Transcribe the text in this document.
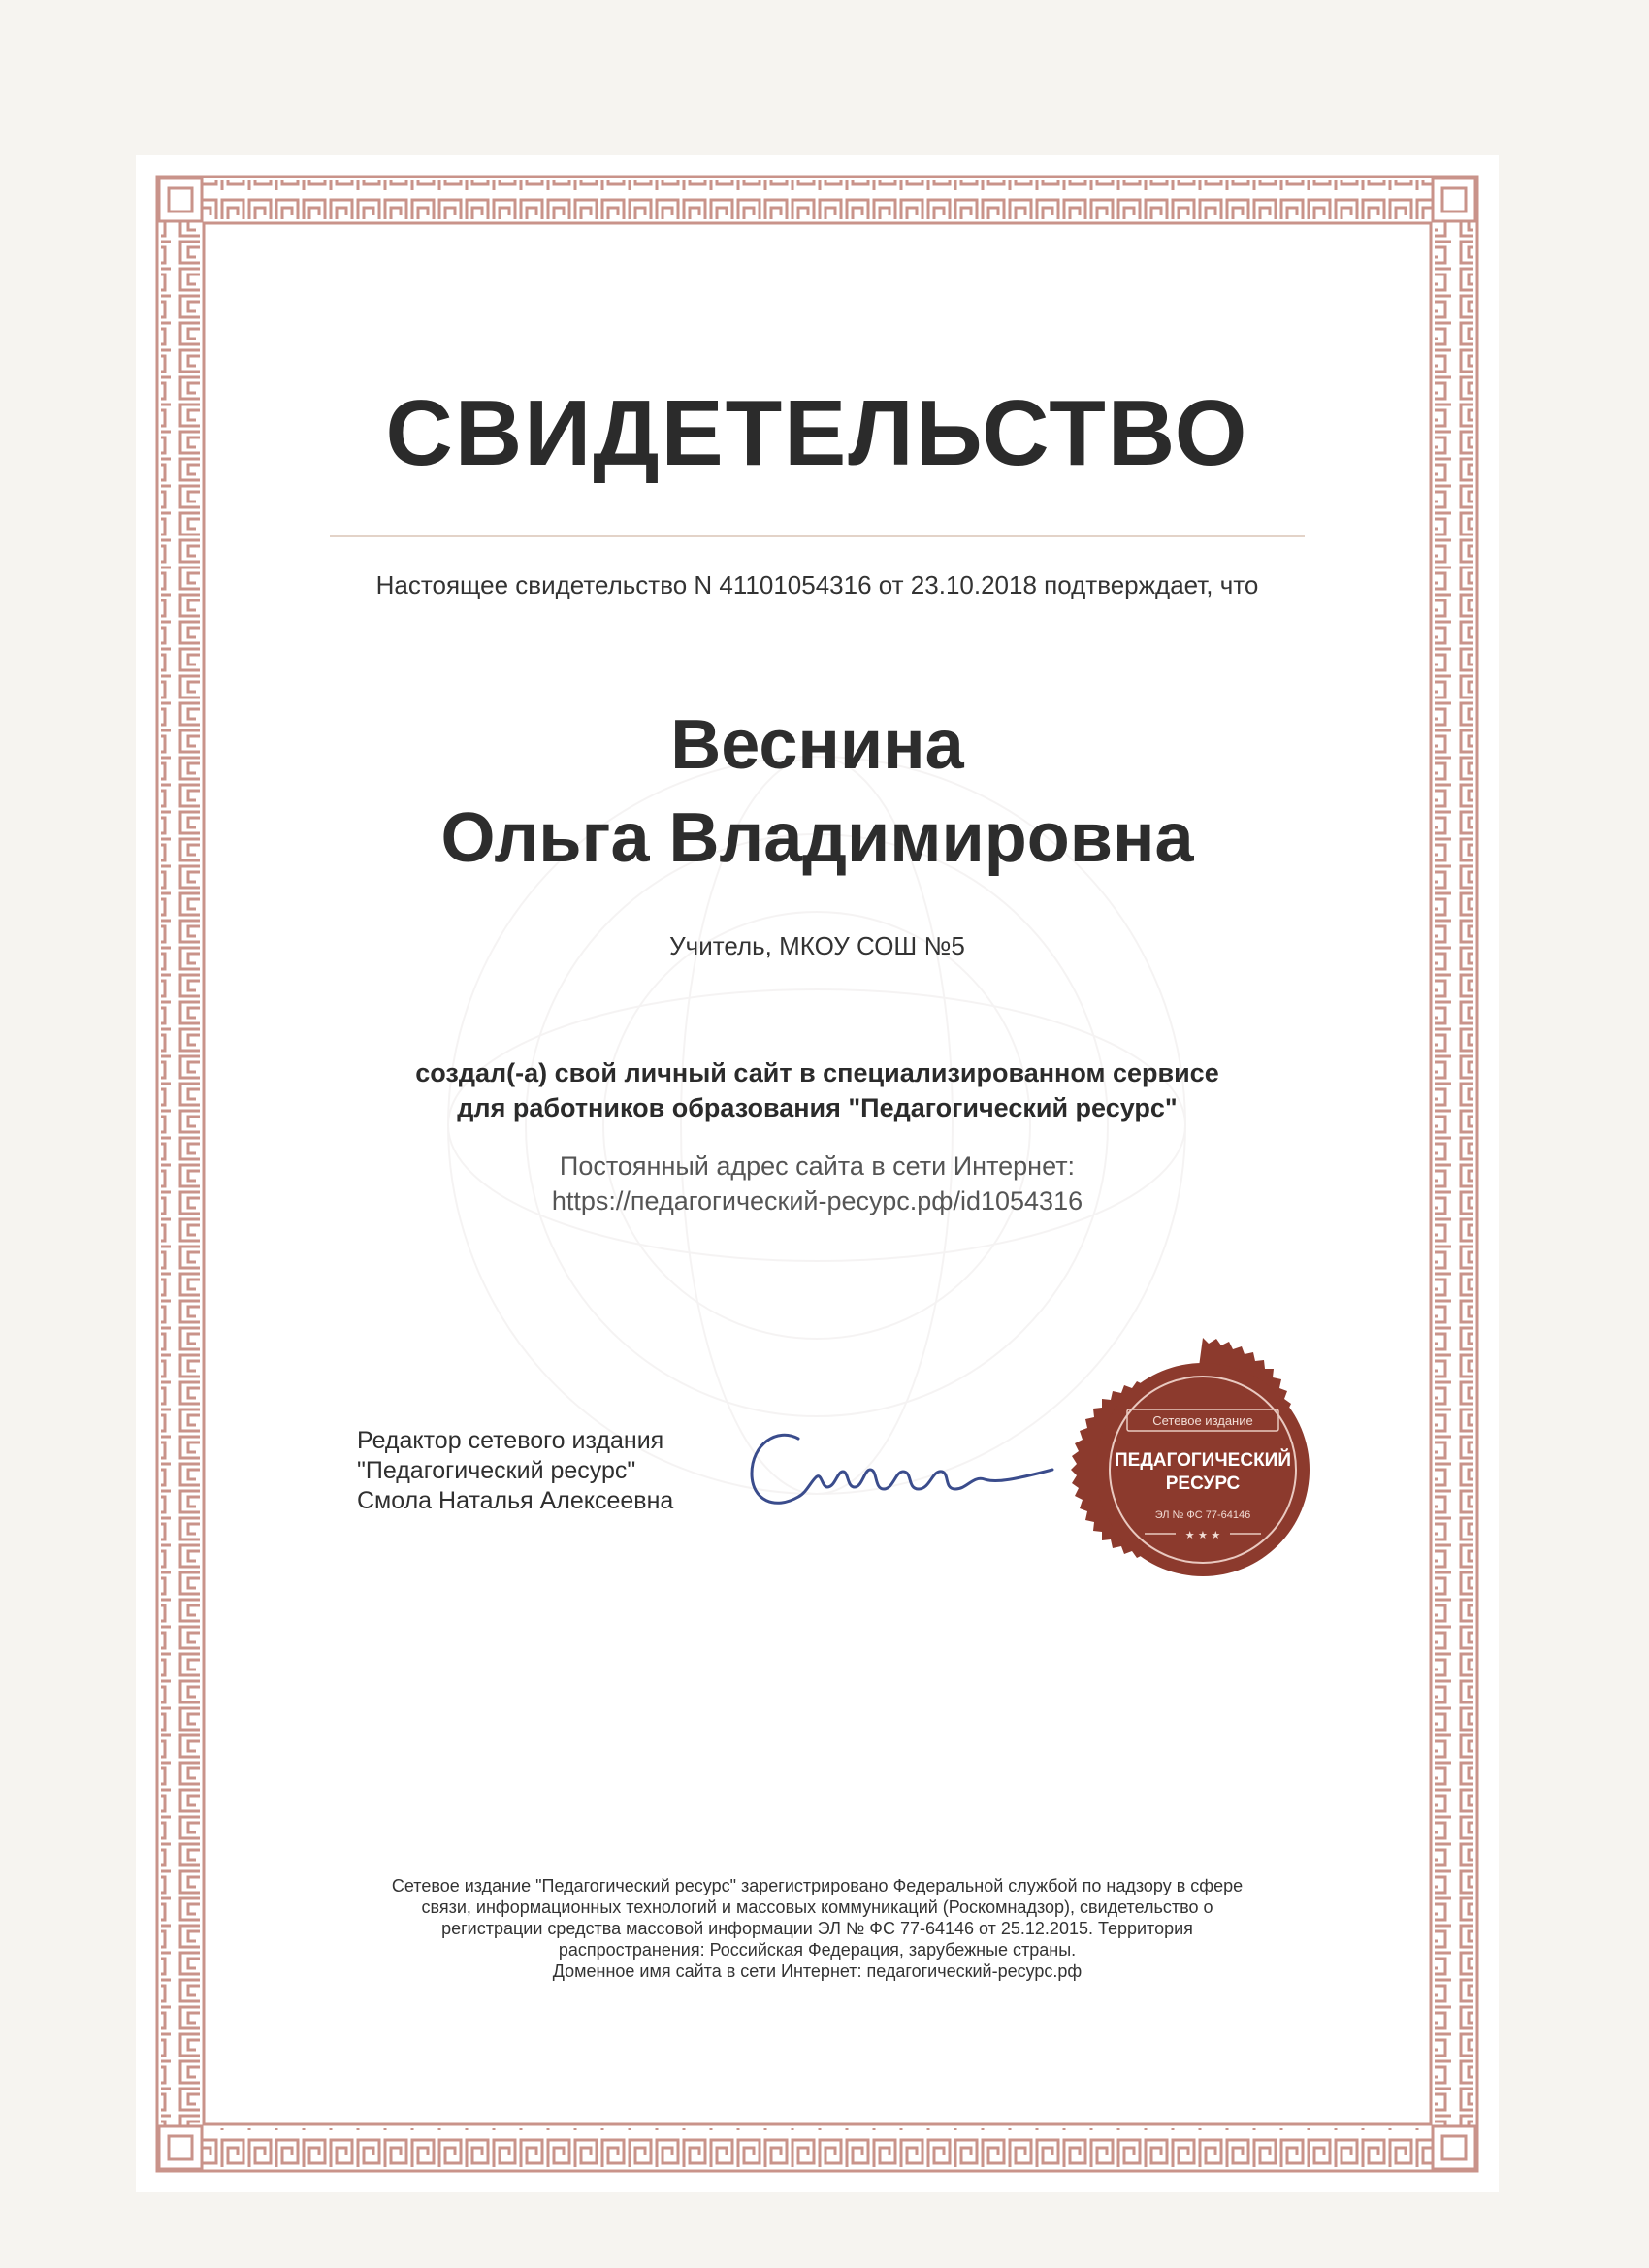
СВИДЕТЕЛЬСТВО
Настоящее свидетельство N 41101054316 от 23.10.2018 подтверждает, что
Веснина
Ольга Владимировна
Учитель, МКОУ СОШ №5
создал(-а) свой личный сайт в специализированном сервисе
для работников образования "Педагогический ресурс"
Постоянный адрес сайта в сети Интернет:
https://педагогический-ресурс.рф/id1054316
Редактор сетевого издания
"Педагогический ресурс"
Смола Наталья Алексеевна
Сетевое издание
ПЕДАГОГИЧЕСКИЙ
РЕСУРС
ЭЛ № ФС 77-64146
★ ★ ★
Сетевое издание "Педагогический ресурс" зарегистрировано Федеральной службой по надзору в сфере
связи, информационных технологий и массовых коммуникаций (Роскомнадзор), свидетельство о
регистрации средства массовой информации ЭЛ № ФС 77-64146 от 25.12.2015. Территория
распространения: Российская Федерация, зарубежные страны.
Доменное имя сайта в сети Интернет: педагогический-ресурс.рф
